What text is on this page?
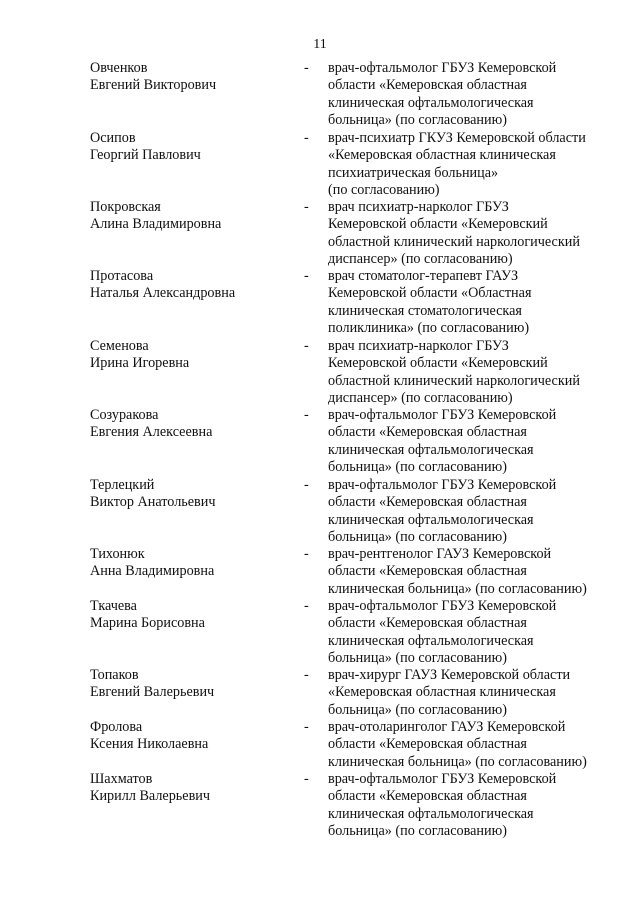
11
Овченков
Евгений Викторович
-	врач-офтальмолог ГБУЗ Кемеровской
области «Кемеровская областная
клиническая офтальмологическая
больница» (по согласованию)
Осипов
Георгий Павлович
-	врач-психиатр ГКУЗ Кемеровской области
«Кемеровская областная клиническая
психиатрическая больница»
(по согласованию)
Покровская
Алина Владимировна
-	врач психиатр-нарколог ГБУЗ
Кемеровской области «Кемеровский
областной клинический наркологический
диспансер» (по согласованию)
Протасова
Наталья Александровна
-	врач стоматолог-терапевт ГАУЗ
Кемеровской области «Областная
клиническая стоматологическая
поликлиника» (по согласованию)
Семенова
Ирина Игоревна
-	врач психиатр-нарколог ГБУЗ
Кемеровской области «Кемеровский
областной клинический наркологический
диспансер» (по согласованию)
Созуракова
Евгения Алексеевна
-	врач-офтальмолог ГБУЗ Кемеровской
области «Кемеровская областная
клиническая офтальмологическая
больница» (по согласованию)
Терлецкий
Виктор Анатольевич
-	врач-офтальмолог ГБУЗ Кемеровской
области «Кемеровская областная
клиническая офтальмологическая
больница» (по согласованию)
Тихонюк
Анна Владимировна
-	врач-рентгенолог ГАУЗ Кемеровской
области «Кемеровская областная
клиническая больница» (по согласованию)
Ткачева
Марина Борисовна
-	врач-офтальмолог ГБУЗ Кемеровской
области «Кемеровская областная
клиническая офтальмологическая
больница» (по согласованию)
Топаков
Евгений Валерьевич
-	врач-хирург ГАУЗ Кемеровской области
«Кемеровская областная клиническая
больница» (по согласованию)
Фролова
Ксения Николаевна
-	врач-отоларинголог ГАУЗ Кемеровской
области «Кемеровская областная
клиническая больница» (по согласованию)
Шахматов
Кирилл Валерьевич
-	врач-офтальмолог ГБУЗ Кемеровской
области «Кемеровская областная
клиническая офтальмологическая
больница» (по согласованию)
